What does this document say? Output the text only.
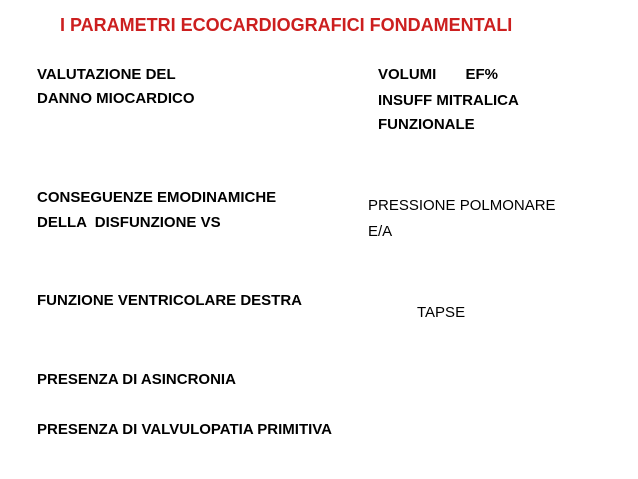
I PARAMETRI ECOCARDIOGRAFICI FONDAMENTALI
VALUTAZIONE DEL
DANNO MIOCARDICO
VOLUMI       EF%
INSUFF MITRALICA
FUNZIONALE
CONSEGUENZE EMODINAMICHE
DELLA  DISFUNZIONE VS
PRESSIONE POLMONARE
E/A
FUNZIONE VENTRICOLARE DESTRA
TAPSE
PRESENZA DI ASINCRONIA
PRESENZA DI VALVULOPATIA PRIMITIVA
